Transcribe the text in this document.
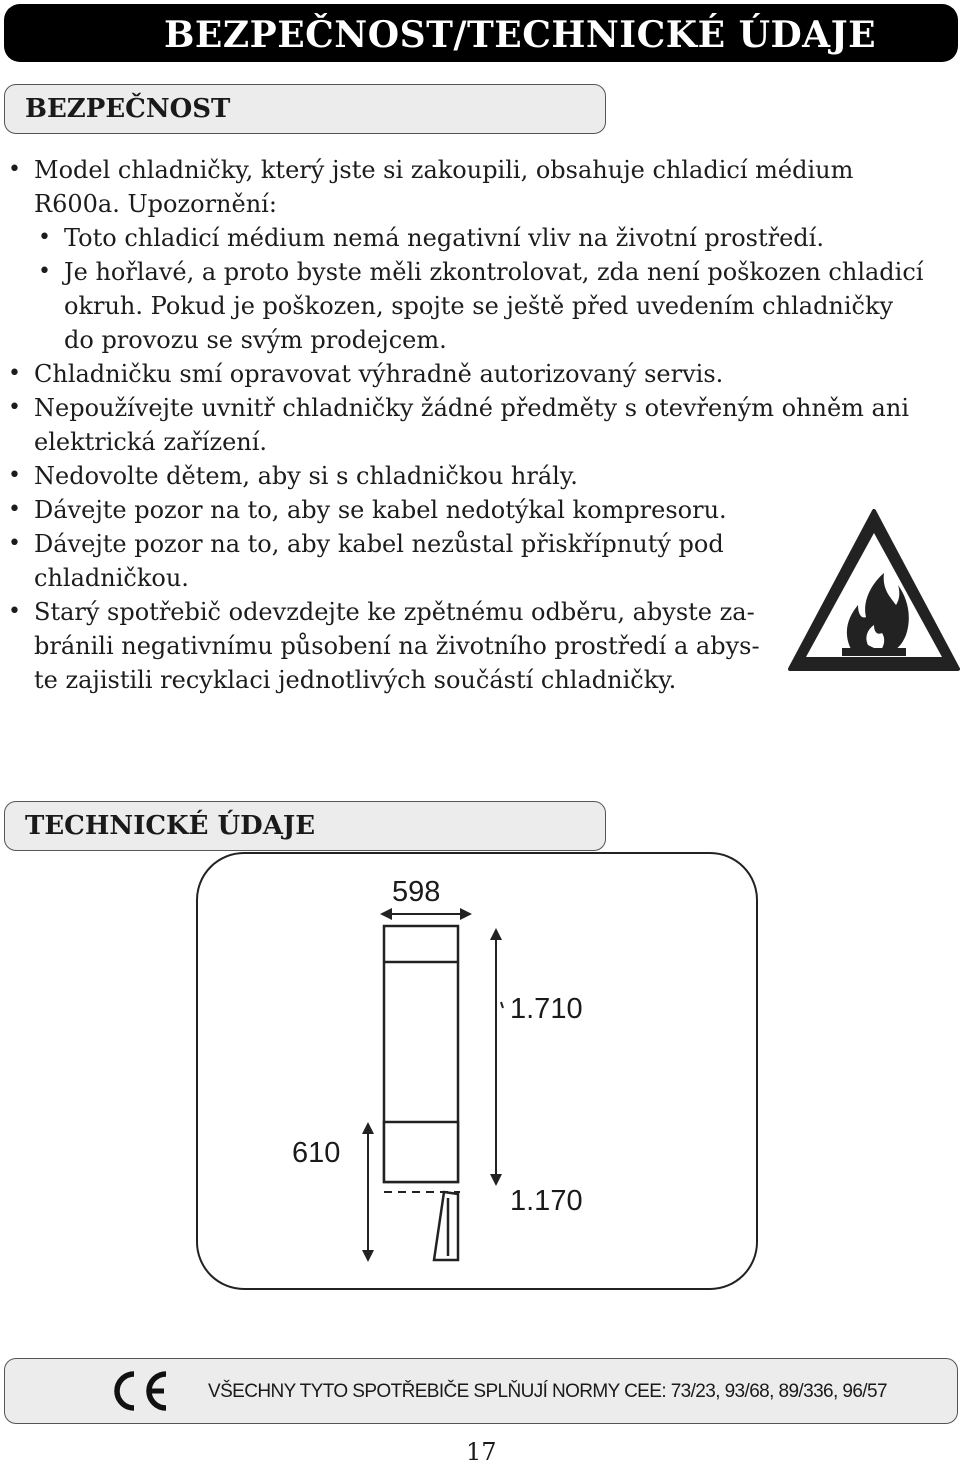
BEZPEČNOST/TECHNICKÉ ÚDAJE
BEZPEČNOST
• Model chladničky, který jste si zakoupili, obsahuje chladicí médium
R600a. Upozornění:
• Toto chladicí médium nemá negativní vliv na životní prostředí.
• Je hořlavé, a proto byste měli zkontrolovat, zda není poškozen chladicí
okruh. Pokud je poškozen, spojte se ještě před uvedením chladničky
do provozu se svým prodejcem.
• Chladničku smí opravovat výhradně autorizovaný servis.
• Nepoužívejte uvnitř chladničky žádné předměty s otevřeným ohněm ani
elektrická zařízení.
• Nedovolte dětem, aby si s chladničkou hrály.
• Dávejte pozor na to, aby se kabel nedotýkal kompresoru.
• Dávejte pozor na to, aby kabel nezůstal přiskřípnutý pod
chladničkou.
• Starý spotřebič odevzdejte ke zpětnému odběru, abyste za-
bránili negativnímu působení na životního prostředí a abys-
te zajistili recyklaci jednotlivých součástí chladničky.
TECHNICKÉ ÚDAJE
598
1.710
610
1.170
VŠECHNY TYTO SPOTŘEBIČE SPLŇUJÍ NORMY CEE: 73/23, 93/68, 89/336, 96/57
17
